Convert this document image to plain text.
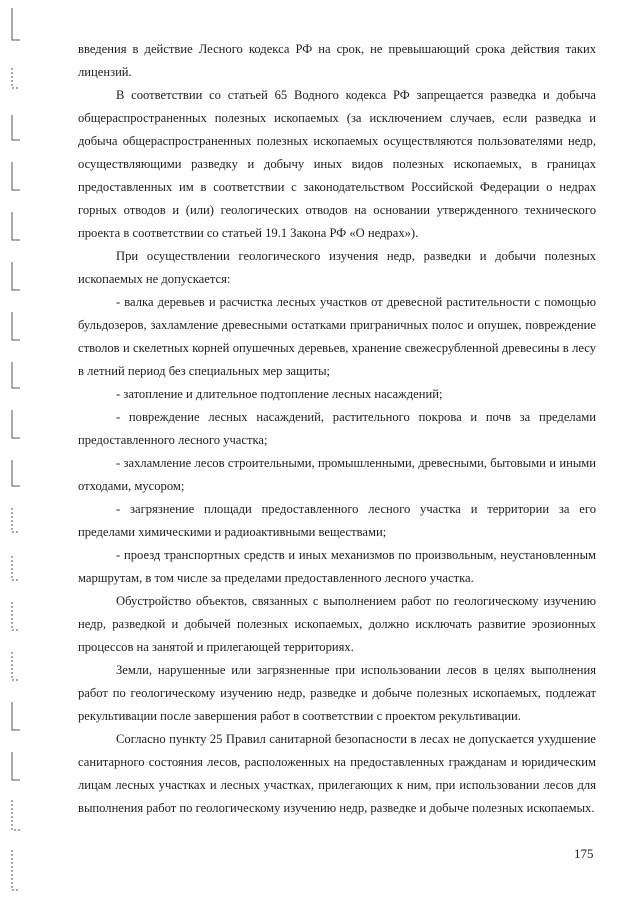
введения в действие Лесного кодекса РФ на срок, не превышающий срока действия таких лицензий.

В соответствии со статьей 65 Водного кодекса РФ запрещается разведка и добыча общераспространенных полезных ископаемых (за исключением случаев, если разведка и добыча общераспространенных полезных ископаемых осуществляются пользователями недр, осуществляющими разведку и добычу иных видов полезных ископаемых, в границах предоставленных им в соответствии с законодательством Российской Федерации о недрах горных отводов и (или) геологических отводов на основании утвержденного технического проекта в соответствии со статьей 19.1 Закона РФ «О недрах»).

При осуществлении геологического изучения недр, разведки и добычи полезных ископаемых не допускается:

- валка деревьев и расчистка лесных участков от древесной растительности с помощью бульдозеров, захламление древесными остатками приграничных полос и опушек, повреждение стволов и скелетных корней опушечных деревьев, хранение свежесрубленной древесины в лесу в летний период без специальных мер защиты;

- затопление и длительное подтопление лесных насаждений;

- повреждение лесных насаждений, растительного покрова и почв за пределами предоставленного лесного участка;

- захламление лесов строительными, промышленными, древесными, бытовыми и иными отходами, мусором;

- загрязнение площади предоставленного лесного участка и территории за его пределами химическими и радиоактивными веществами;

- проезд транспортных средств и иных механизмов по произвольным, неустановленным маршрутам, в том числе за пределами предоставленного лесного участка.

Обустройство объектов, связанных с выполнением работ по геологическому изучению недр, разведкой и добычей полезных ископаемых, должно исключать развитие эрозионных процессов на занятой и прилегающей территориях.

Земли, нарушенные или загрязненные при использовании лесов в целях выполнения работ по геологическому изучению недр, разведке и добыче полезных ископаемых, подлежат рекультивации после завершения работ в соответствии с проектом рекультивации.

Согласно пункту 25 Правил санитарной безопасности в лесах не допускается ухудшение санитарного состояния лесов, расположенных на предоставленных гражданам и юридическим лицам лесных участках и лесных участках, прилегающих к ним, при использовании лесов для выполнения работ по геологическому изучению недр, разведке и добыче полезных ископаемых.

175
